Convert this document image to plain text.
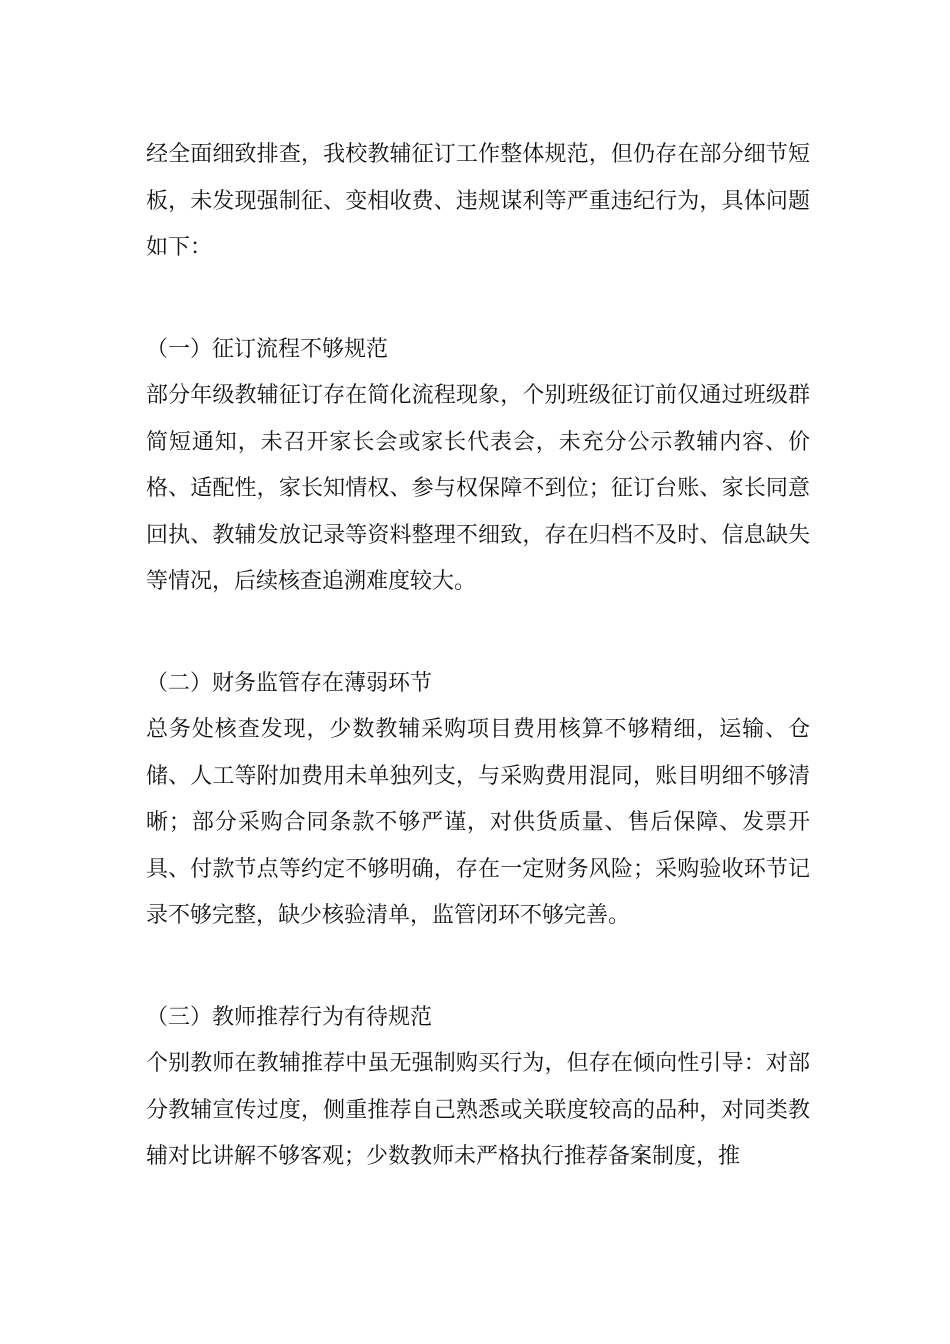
经全面细致排查，我校教辅征订工作整体规范，但仍存在部分细节短板，未发现强制征、变相收费、违规谋利等严重违纪行为，具体问题如下：

（一）征订流程不够规范

部分年级教辅征订存在简化流程现象，个别班级征订前仅通过班级群简短通知，未召开家长会或家长代表会，未充分公示教辅内容、价格、适配性，家长知情权、参与权保障不到位；征订台账、家长同意回执、教辅发放记录等资料整理不细致，存在归档不及时、信息缺失等情况，后续核查追溯难度较大。

（二）财务监管存在薄弱环节

总务处核查发现，少数教辅采购项目费用核算不够精细，运输、仓储、人工等附加费用未单独列支，与采购费用混同，账目明细不够清晰；部分采购合同条款不够严谨，对供货质量、售后保障、发票开具、付款节点等约定不够明确，存在一定财务风险；采购验收环节记录不够完整，缺少核验清单，监管闭环不够完善。

（三）教师推荐行为有待规范

个别教师在教辅推荐中虽无强制购买行为，但存在倾向性引导：对部分教辅宣传过度，侧重推荐自己熟悉或关联度较高的品种，对同类教辅对比讲解不够客观；少数教师未严格执行推荐备案制度，推
